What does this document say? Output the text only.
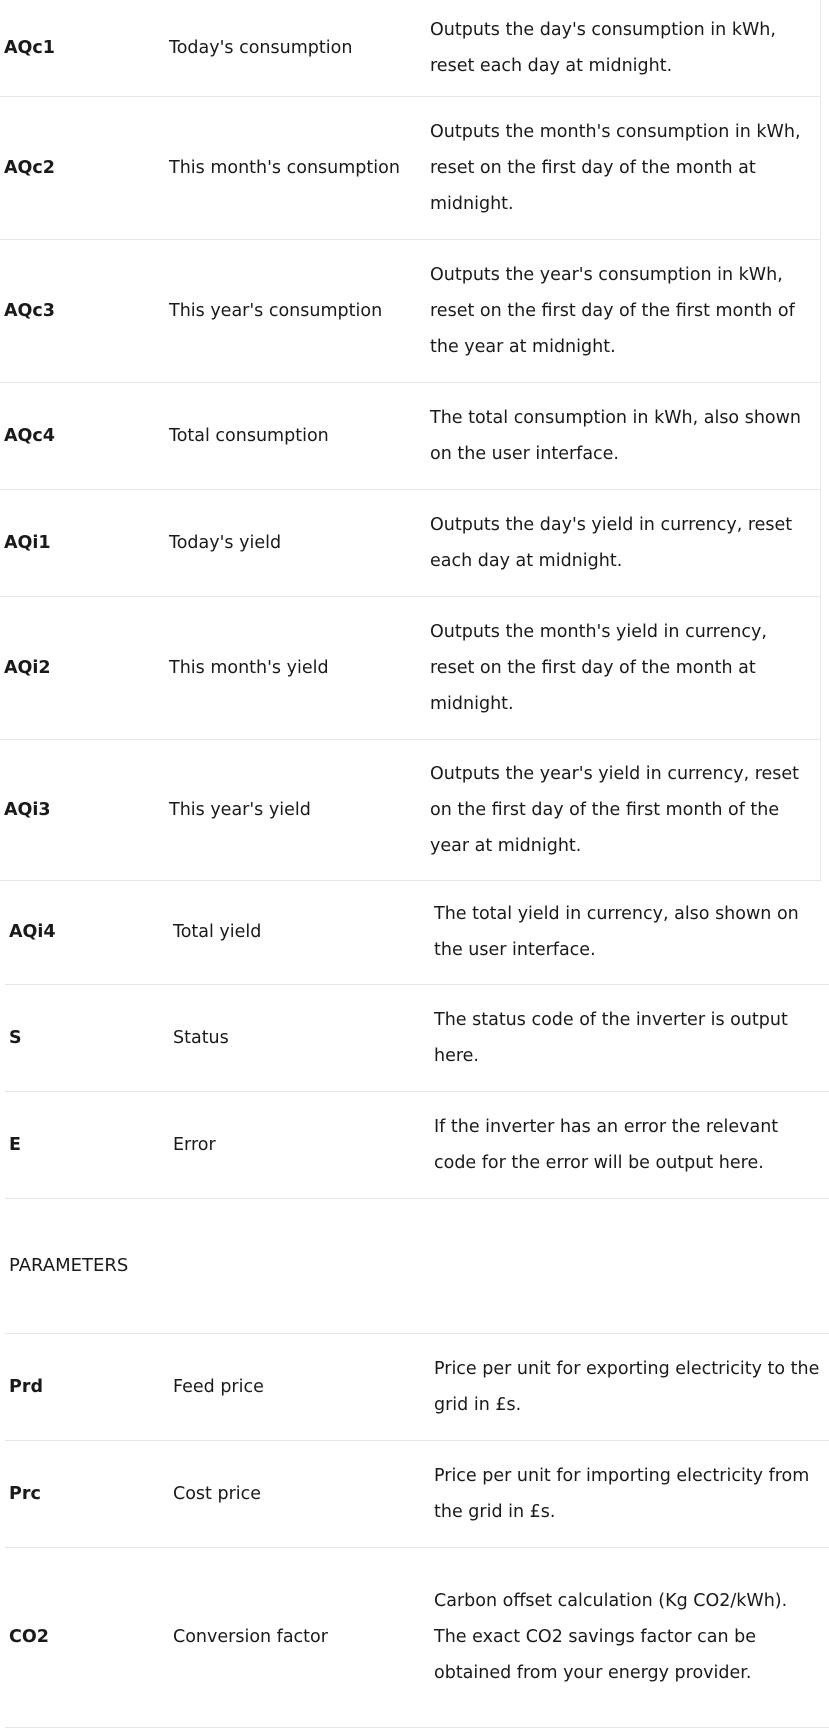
AQc1	Today's consumption	Outputs the day's consumption in kWh, reset each day at midnight.
AQc2	This month's consumption	Outputs the month's consumption in kWh, reset on the first day of the month at midnight.
AQc3	This year's consumption	Outputs the year's consumption in kWh, reset on the first day of the first month of the year at midnight.
AQc4	Total consumption	The total consumption in kWh, also shown on the user interface.
AQi1	Today's yield	Outputs the day's yield in currency, reset each day at midnight.
AQi2	This month's yield	Outputs the month's yield in currency, reset on the first day of the month at midnight.
AQi3	This year's yield	Outputs the year's yield in currency, reset on the first day of the first month of the year at midnight.
AQi4	Total yield	The total yield in currency, also shown on the user interface.
S	Status	The status code of the inverter is output here.
E	Error	If the inverter has an error the relevant code for the error will be output here.
PARAMETERS		
Prd	Feed price	Price per unit for exporting electricity to the grid in £s.
Prc	Cost price	Price per unit for importing electricity from the grid in £s.
CO2	Conversion factor	Carbon offset calculation (Kg CO2/kWh). The exact CO2 savings factor can be obtained from your energy provider.
